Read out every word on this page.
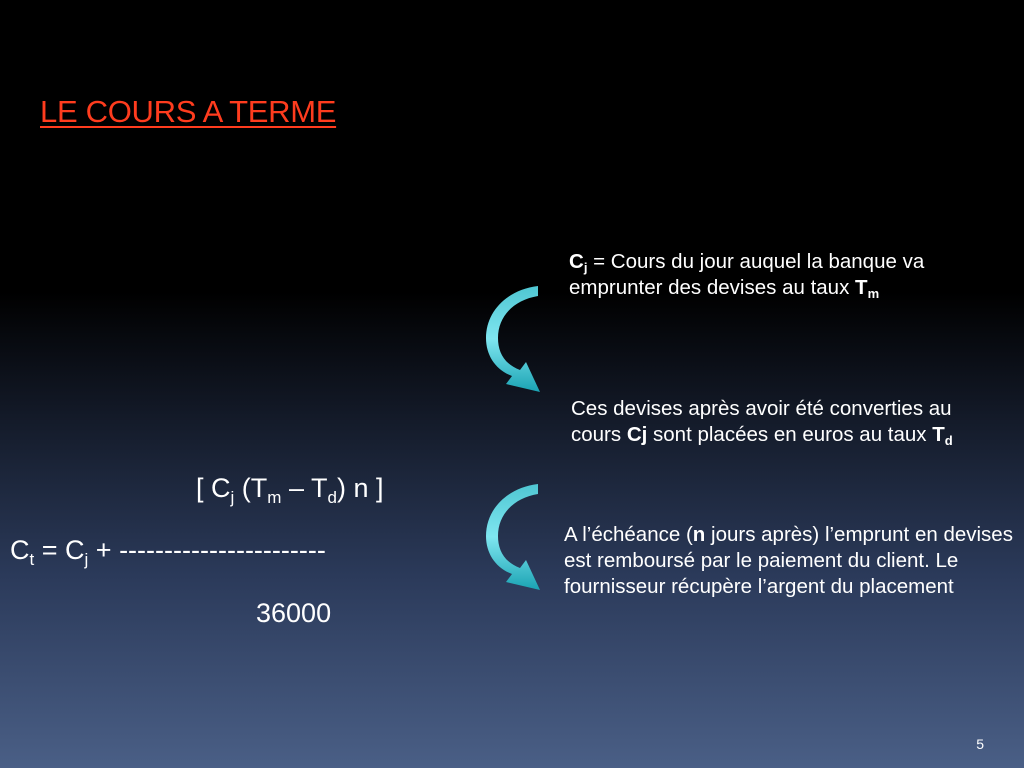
LE COURS A TERME
[ $C_j$ $(T_m - T_d)$ n ]
$C_t = C_j$ + -----------------------
36000

$C_j$ = Cours du jour auquel la banque va emprunter des devises au taux $T_m$

Ces devises après avoir été converties au cours Cj sont placées en euros au taux $T_d$

A l’échéance (n jours après) l’emprunt en devises est remboursé par le paiement du client. Le fournisseur récupère l’argent du placement

5
